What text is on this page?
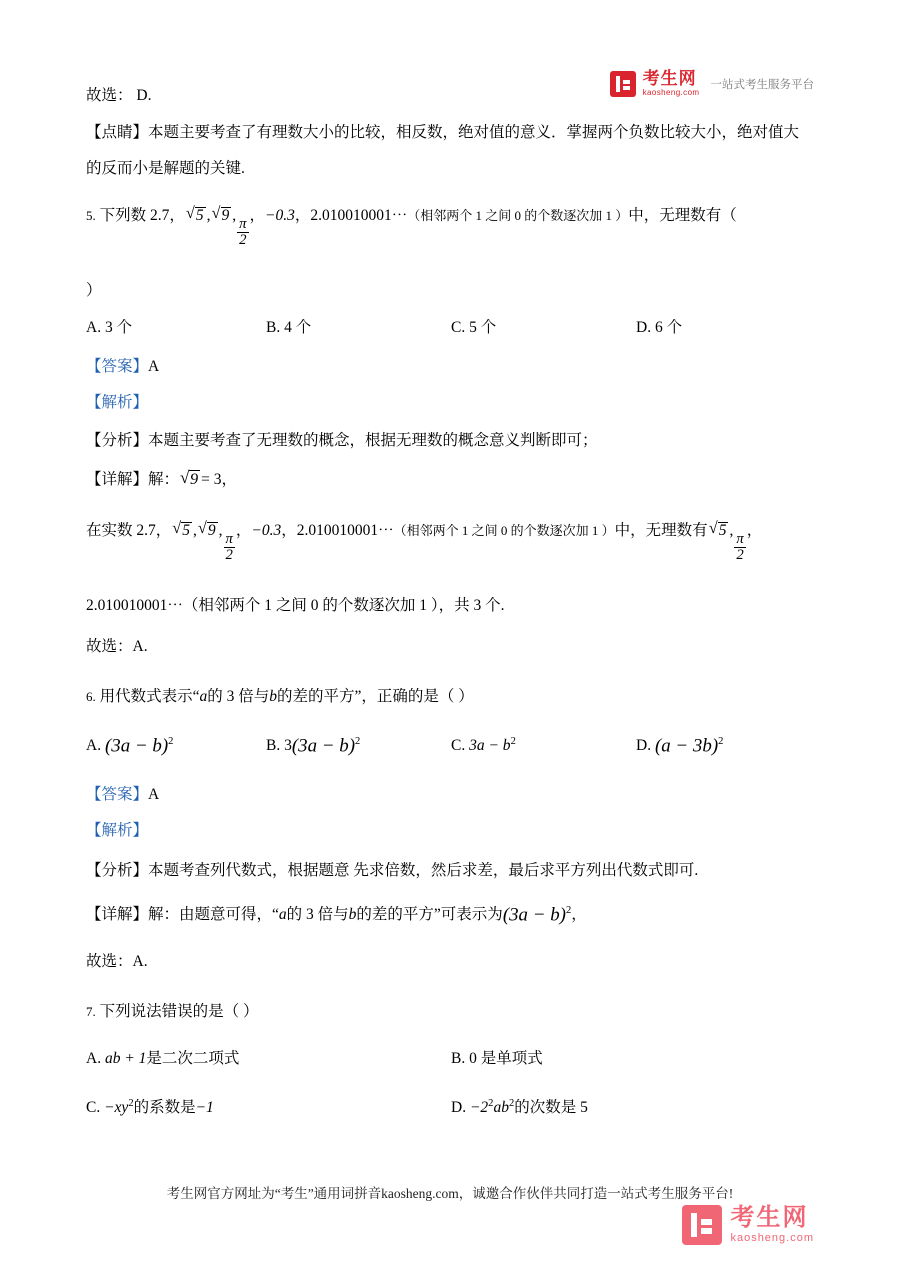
考生网
kaosheng.com
一站式考生服务平台
故选： D.
【点睛】本题主要考查了有理数大小的比较，相反数，绝对值的意义．掌握两个负数比较大小，绝对值大
的反而小是解题的关键.
5. 下列数 2.7， √ 5 , √ 9 ,
$\frac{\pi}{2}$
，−0.3，2.010010001⋯（相邻两个 1 之间 0 的个数逐次加 1 ）中，无理数有（
）
A. 3 个	B. 4 个	C. 5 个	D. 6 个
【答案】A
【解析】
【分析】本题主要考查了无理数的概念，根据无理数的概念意义判断即可；
【详解】解： √ 9 = 3，
在实数 2.7， √ 5 , √ 9 ,
$\frac{\pi}{2}$
，−0.3，2.010010001⋯（相邻两个 1 之间 0 的个数逐次加 1 ）中，无理数有 √ 5 ,
$\frac{\pi}{2}$
，
2.010010001⋯（相邻两个 1 之间 0 的个数逐次加 1 ），共 3 个.
故选：A.
6. 用代数式表示“a的 3 倍与b的差的平方”，正确的是（ ）
A. $(3a - b)^2$	B. $3(3a - b)^2$	C. $3a - b^2$	D. $(a - 3b)^2$
【答案】A
【解析】
【分析】本题考查列代数式，根据题意 先求倍数，然后求差，最后求平方列出代数式即可.
【详解】解：由题意可得，“a的 3 倍与b的差的平方”可表示为$(3a - b)^2$，
故选：A.
7. 下列说法错误的是（ ）
A. ab + 1是二次二项式	B. 0 是单项式
C. $-xy^2$的系数是−1	D. $-2^2ab^2$的次数是 5
考生网官方网址为“考生”通用词拼音kaosheng.com，诚邀合作伙伴共同打造一站式考生服务平台!
考生网
kaosheng.com
